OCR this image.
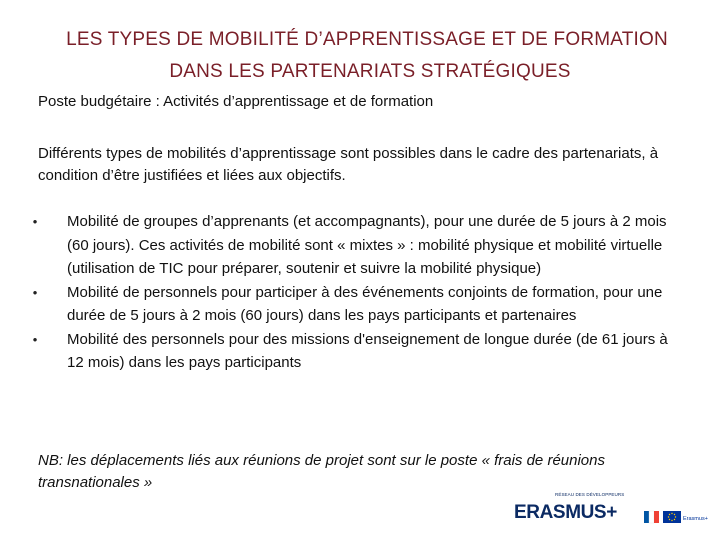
LES TYPES DE MOBILITÉ D’APPRENTISSAGE ET DE FORMATION
DANS LES PARTENARIATS STRATÉGIQUES
Poste budgétaire : Activités d’apprentissage et de formation
Différents types de mobilités d’apprentissage sont possibles dans le cadre des partenariats, à condition d’être justifiées et liées aux objectifs.
• Mobilité de groupes d’apprenants (et accompagnants), pour une durée de 5 jours à 2 mois (60 jours). Ces activités de mobilité sont « mixtes » : mobilité physique et mobilité virtuelle (utilisation de TIC pour préparer, soutenir et suivre la mobilité physique)
• Mobilité de personnels pour participer à des événements conjoints de formation, pour une durée de 5 jours à 2 mois (60 jours) dans les pays participants et partenaires
• Mobilité des personnels pour des missions d'enseignement de longue durée (de 61 jours à 12 mois) dans les pays participants
NB: les déplacements liés aux réunions de projet sont sur le poste « frais de réunions transnationales »
RÉSEAU DES DÉVELOPPEURS
ERASMUS+	Erasmus+
